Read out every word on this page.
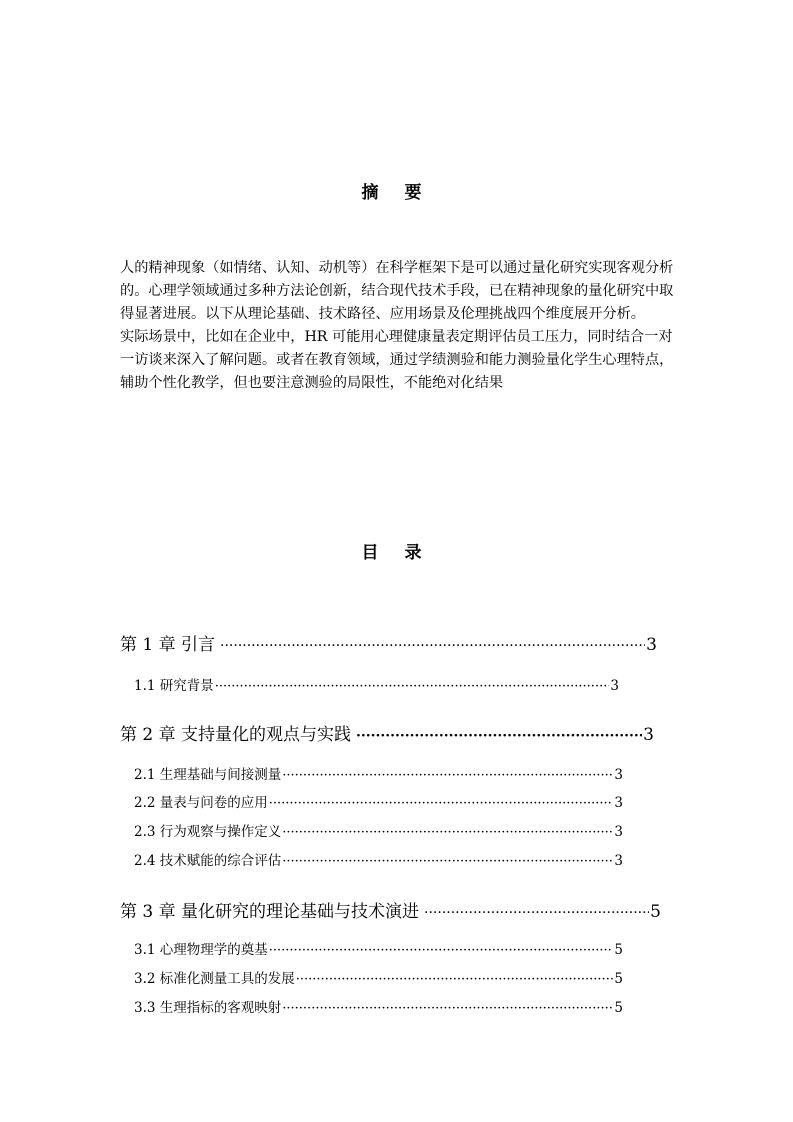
摘 要

人的精神现象（如情绪、认知、动机等）在科学框架下是可以通过量化研究实现客观分析的。心理学领域通过多种方法论创新，结合现代技术手段，已在精神现象的量化研究中取得显著进展。以下从理论基础、技术路径、应用场景及伦理挑战四个维度展开分析。

实际场景中，比如在企业中，HR 可能用心理健康量表定期评估员工压力，同时结合一对一访谈来深入了解问题。或者在教育领域，通过学绩测验和能力测验量化学生心理特点，辅助个性化教学，但也要注意测验的局限性，不能绝对化结果

目 录
第 1 章 引言 ·····	3
1.1 研究背景 ·····	3
第 2 章 支持量化的观点与实践 ·····	3
2.1 生理基础与间接测量 ·····	3
2.2 量表与问卷的应用 ·····	3
2.3 行为观察与操作定义 ·····	3
2.4 技术赋能的综合评估 ·····	3
第 3 章 量化研究的理论基础与技术演进 ·····	5
3.1 心理物理学的奠基 ·····	5
3.2 标准化测量工具的发展 ·····	5
3.3 生理指标的客观映射 ·····	5
